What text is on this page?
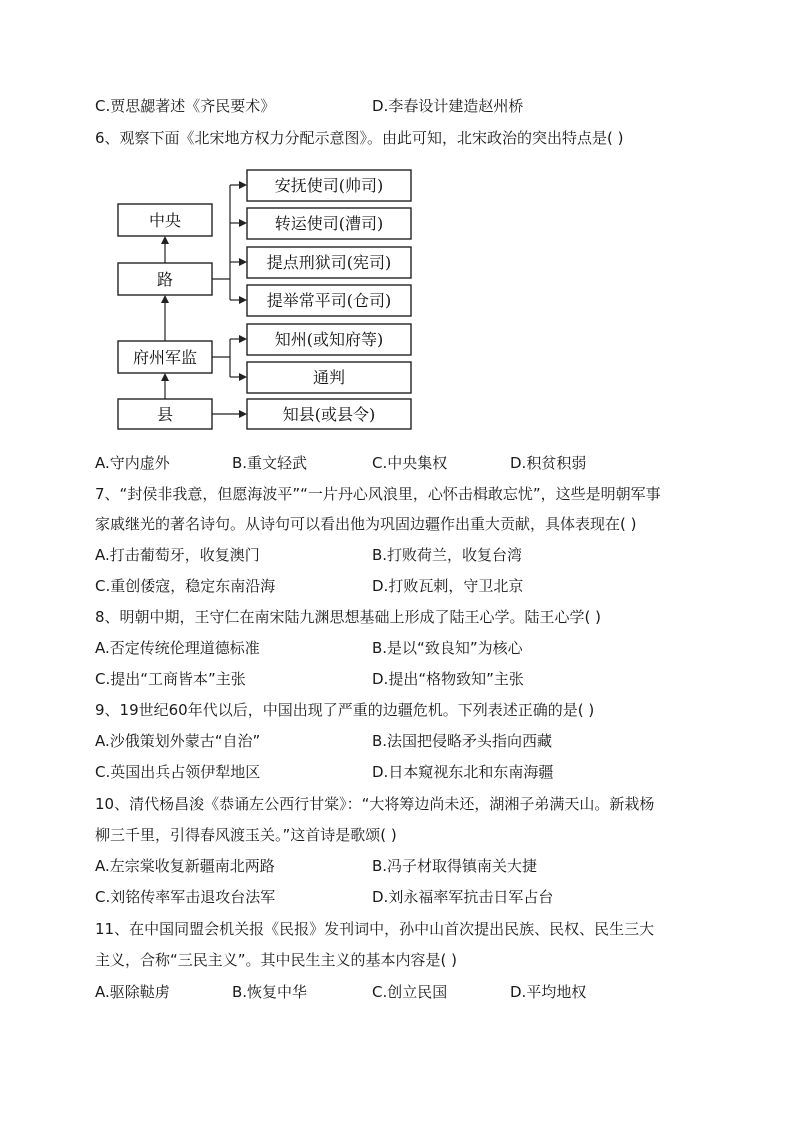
C.贾思勰著述《齐民要术》	D.李春设计建造赵州桥
6、观察下面《北宋地方权力分配示意图》。由此可知，北宋政治的突出特点是( )
中央
路
府州军监
县
安抚使司(帅司)
转运使司(漕司)
提点刑狱司(宪司)
提举常平司(仓司)
知州(或知府等)
通判
知县(或县令)
A.守内虚外	B.重文轻武	C.中央集权	D.积贫积弱
7、“封侯非我意，但愿海波平”“一片丹心风浪里，心怀击楫敢忘忧”，这些是明朝军事
家戚继光的著名诗句。从诗句可以看出他为巩固边疆作出重大贡献，具体表现在( )
A.打击葡萄牙，收复澳门	B.打败荷兰，收复台湾
C.重创倭寇，稳定东南沿海	D.打败瓦剌，守卫北京
8、明朝中期，王守仁在南宋陆九渊思想基础上形成了陆王心学。陆王心学( )
A.否定传统伦理道德标准	B.是以“致良知”为核心
C.提出“工商皆本”主张	D.提出“格物致知”主张
9、19世纪60年代以后，中国出现了严重的边疆危机。下列表述正确的是( )
A.沙俄策划外蒙古“自治”	B.法国把侵略矛头指向西藏
C.英国出兵占领伊犁地区	D.日本窥视东北和东南海疆
10、清代杨昌浚《恭诵左公西行甘棠》：“大将筹边尚未还，湖湘子弟满天山。新栽杨
柳三千里，引得春风渡玉关。”这首诗是歌颂( )
A.左宗棠收复新疆南北两路	B.冯子材取得镇南关大捷
C.刘铭传率军击退攻台法军	D.刘永福率军抗击日军占台
11、在中国同盟会机关报《民报》发刊词中，孙中山首次提出民族、民权、民生三大
主义，合称“三民主义”。其中民生主义的基本内容是( )
A.驱除鞑虏	B.恢复中华	C.创立民国	D.平均地权
